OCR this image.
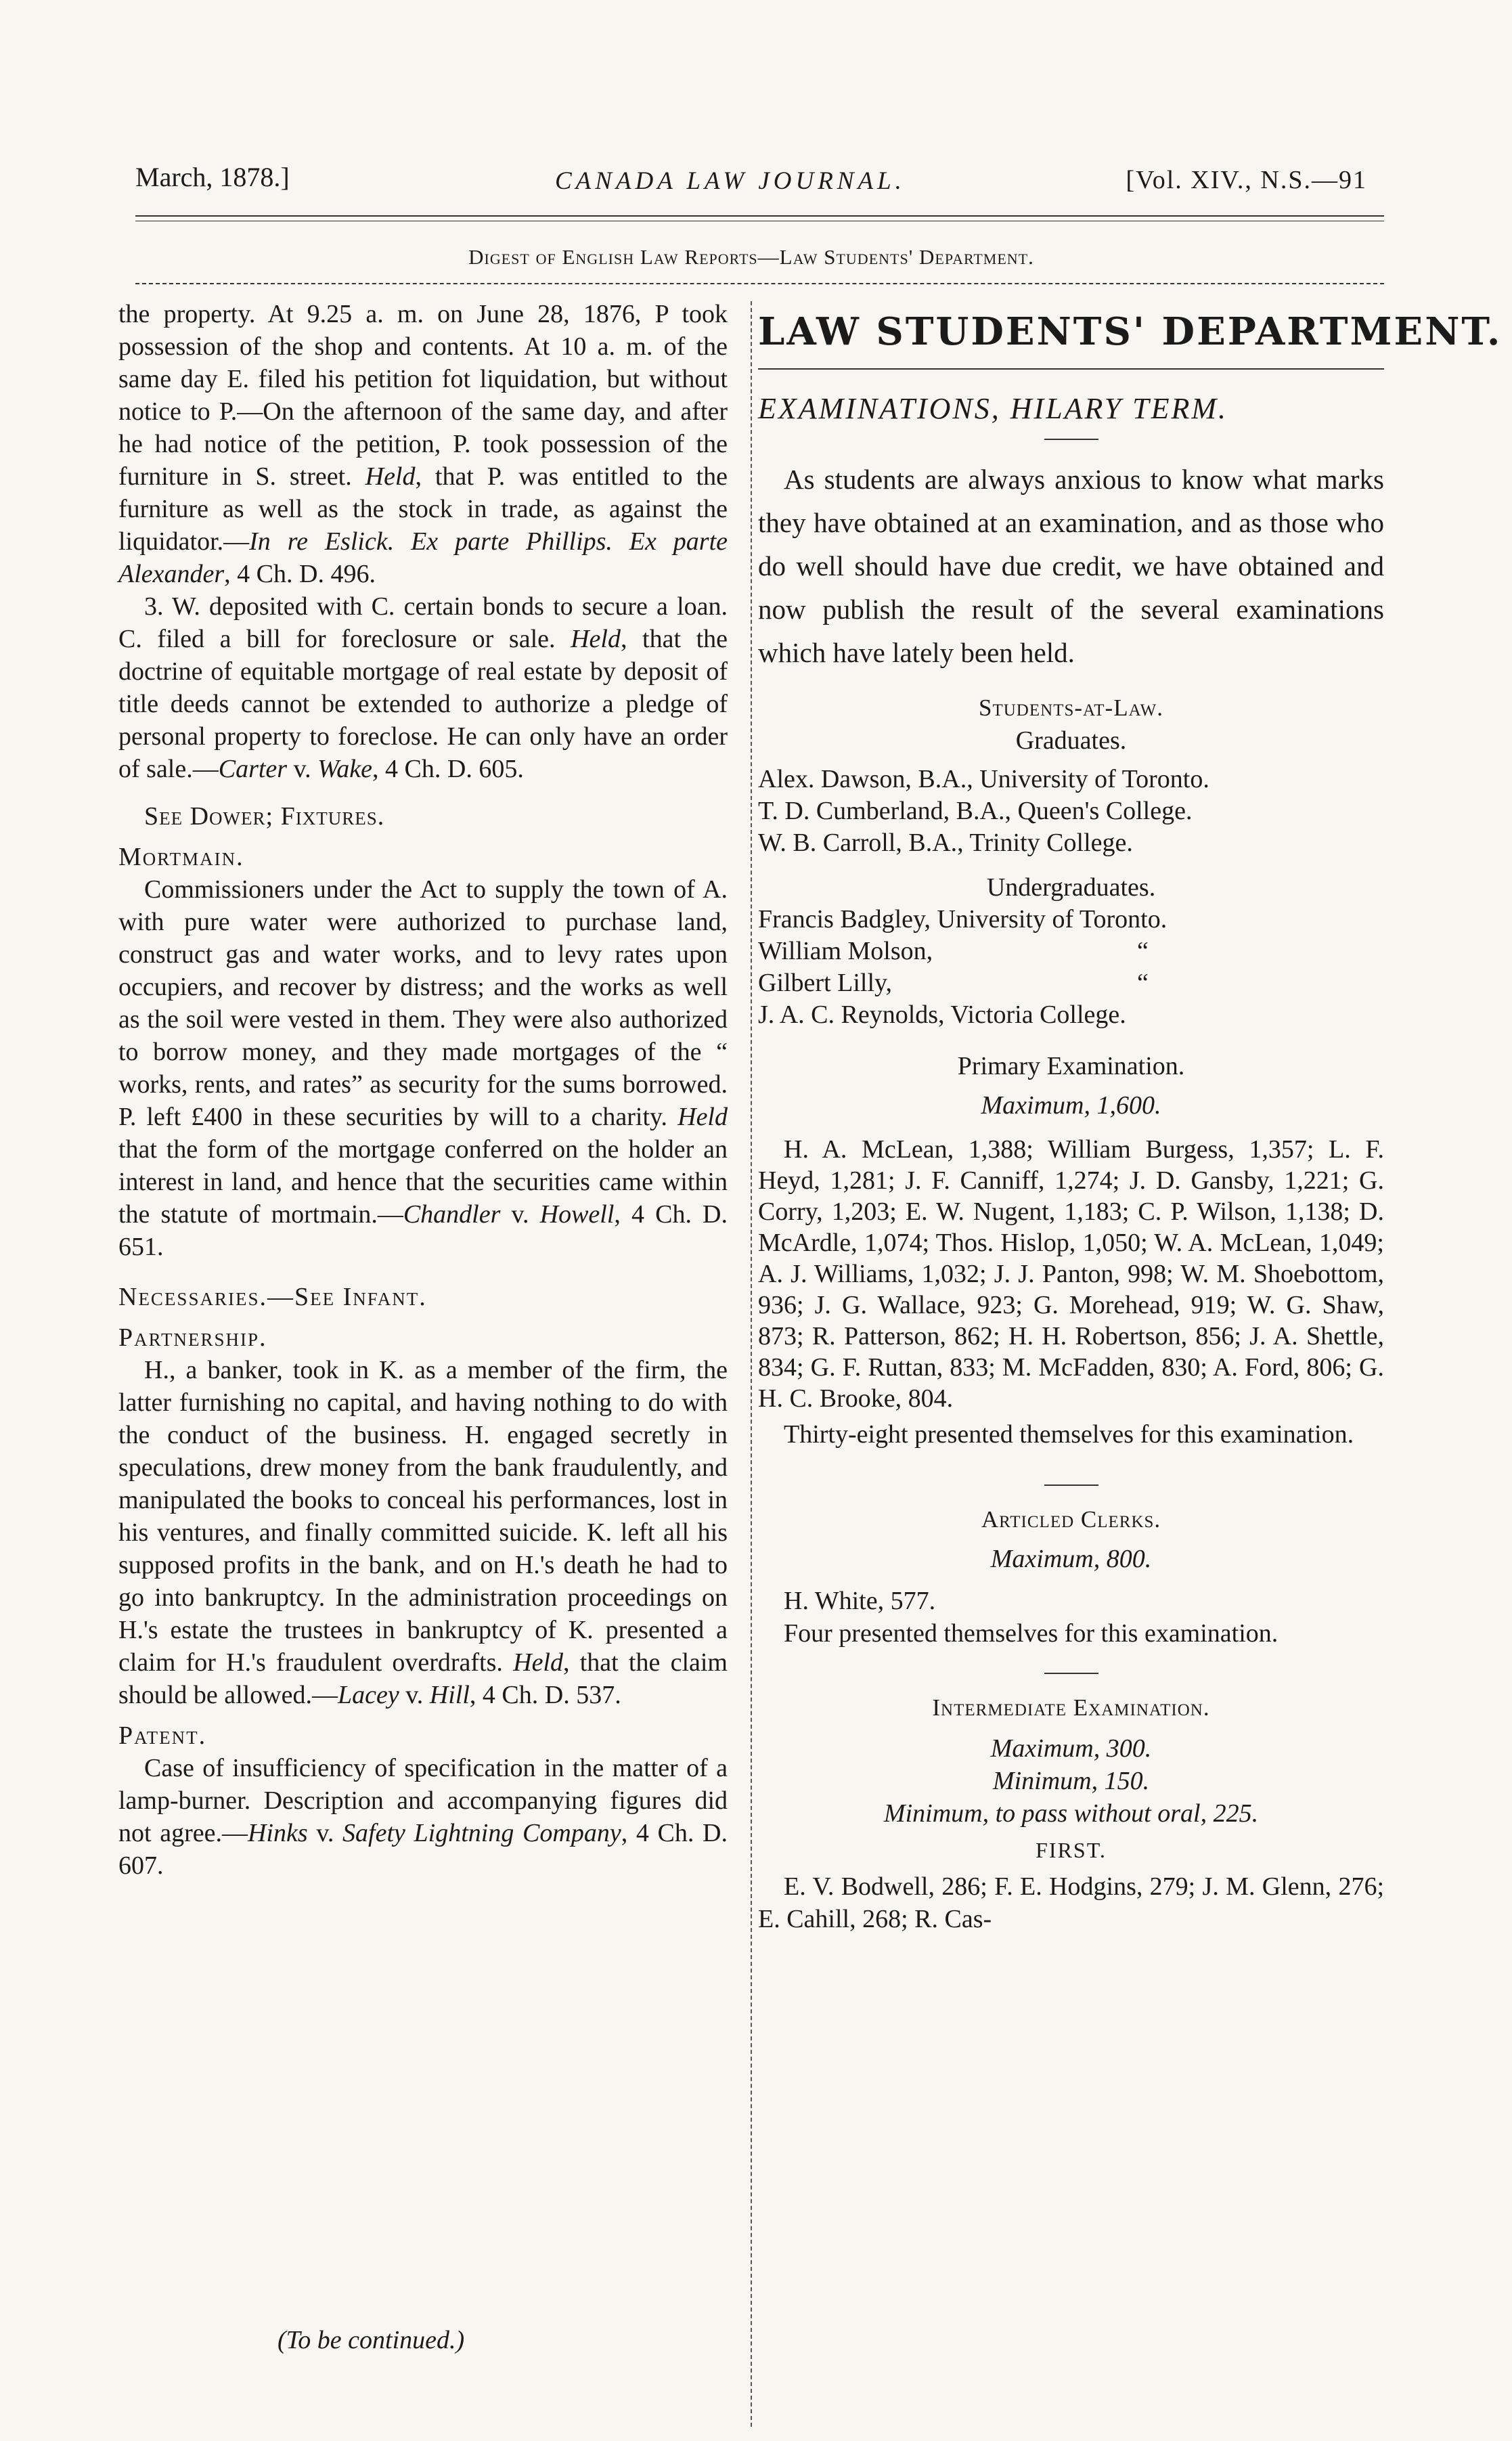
March, 1878.]	CANADA LAW JOURNAL.	[Vol. XIV., N.S.—91
Digest of English Law Reports—Law Students' Department.

the property. At 9.25 a. m. on June 28, 1876, P took possession of the shop and contents. At 10 a. m. of the same day E. filed his petition fot liquidation, but without notice to P.—On the afternoon of the same day, and after he had notice of the petition, P. took possession of the furniture in S. street. Held, that P. was entitled to the furniture as well as the stock in trade, as against the liquidator.—In re Eslick. Ex parte Phillips. Ex parte Alexander, 4 Ch. D. 496.

3. W. deposited with C. certain bonds to secure a loan. C. filed a bill for foreclosure or sale. Held, that the doctrine of equitable mortgage of real estate by deposit of title deeds cannot be extended to authorize a pledge of personal property to foreclose. He can only have an order of sale.—Carter v. Wake, 4 Ch. D. 605.

See Dower; Fixtures.

Mortmain.

Commissioners under the Act to supply the town of A. with pure water were authorized to purchase land, construct gas and water works, and to levy rates upon occupiers, and recover by distress; and the works as well as the soil were vested in them. They were also authorized to borrow money, and they made mortgages of the “ works, rents, and rates” as security for the sums borrowed. P. left £400 in these securities by will to a charity. Held that the form of the mortgage conferred on the holder an interest in land, and hence that the securities came within the statute of mortmain.—Chandler v. Howell, 4 Ch. D. 651.

Necessaries.—See Infant.

Partnership.

H., a banker, took in K. as a member of the firm, the latter furnishing no capital, and having nothing to do with the conduct of the business. H. engaged secretly in speculations, drew money from the bank fraudulently, and manipulated the books to conceal his performances, lost in his ventures, and finally committed suicide. K. left all his supposed profits in the bank, and on H.'s death he had to go into bankruptcy. In the administration proceedings on H.'s estate the trustees in bankruptcy of K. presented a claim for H.'s fraudulent overdrafts. Held, that the claim should be allowed.—Lacey v. Hill, 4 Ch. D. 537.

Patent.

Case of insufficiency of specification in the matter of a lamp-burner. Description and accompanying figures did not agree.—Hinks v. Safety Lightning Company, 4 Ch. D. 607.

(To be continued.)

LAW STUDENTS' DEPARTMENT.

EXAMINATIONS, HILARY TERM.

As students are always anxious to know what marks they have obtained at an examination, and as those who do well should have due credit, we have obtained and now publish the result of the several examinations which have lately been held.

Students-at-Law.

Graduates.

Alex. Dawson, B.A., University of Toronto.

T. D. Cumberland, B.A., Queen's College.

W. B. Carroll, B.A., Trinity College.

Undergraduates.

Francis Badgley, University of Toronto.

William Molson,	“

Gilbert Lilly,	“

J. A. C. Reynolds, Victoria College.

Primary Examination.

Maximum, 1,600.

H. A. McLean, 1,388; William Burgess, 1,357; L. F. Heyd, 1,281; J. F. Canniff, 1,274; J. D. Gansby, 1,221; G. Corry, 1,203; E. W. Nugent, 1,183; C. P. Wilson, 1,138; D. McArdle, 1,074; Thos. Hislop, 1,050; W. A. McLean, 1,049; A. J. Williams, 1,032; J. J. Panton, 998; W. M. Shoebottom, 936; J. G. Wallace, 923; G. Morehead, 919; W. G. Shaw, 873; R. Patterson, 862; H. H. Robertson, 856; J. A. Shettle, 834; G. F. Ruttan, 833; M. McFadden, 830; A. Ford, 806; G. H. C. Brooke, 804.

Thirty-eight presented themselves for this examination.

Articled Clerks.

Maximum, 800.

H. White, 577.

Four presented themselves for this examination.

Intermediate Examination.

Maximum, 300.

Minimum, 150.

Minimum, to pass without oral, 225.

FIRST.

E. V. Bodwell, 286; F. E. Hodgins, 279; J. M. Glenn, 276; E. Cahill, 268; R. Cas-
